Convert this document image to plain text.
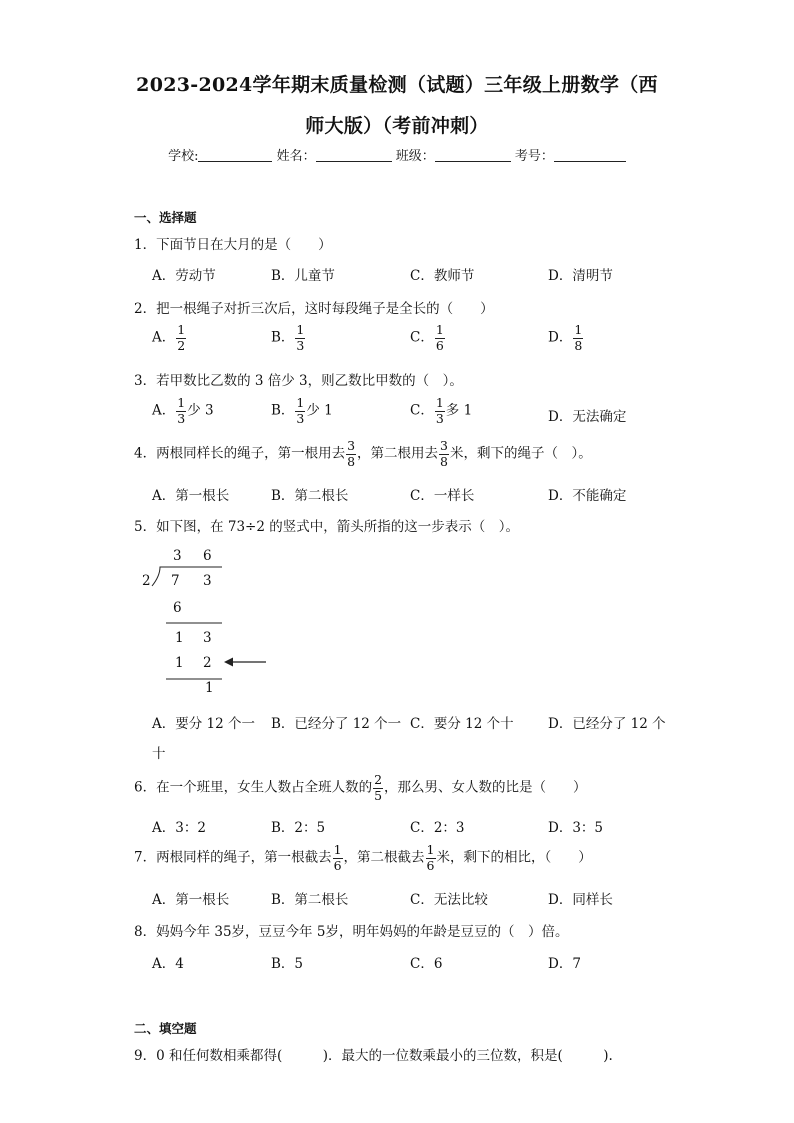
2023-2024学年期末质量检测（试题）三年级上册数学（西
师大版）（考前冲刺）
学校:	姓名：	班级：	考号：
一、选择题
1．下面节日在大月的是（　　）
A．劳动节	B．儿童节	C．教师节	D．清明节
2．把一根绳子对折三次后，这时每段绳子是全长的（　　）
A． $\frac{1}{2}$	B． $\frac{1}{3}$	C． $\frac{1}{6}$	D． $\frac{1}{8}$
3．若甲数比乙数的 3 倍少 3，则乙数比甲数的（　）。
A． $\frac{1}{3}$ 少 3	B． $\frac{1}{3}$ 少 1	C． $\frac{1}{3}$ 多 1	D．无法确定
4．两根同样长的绳子，第一根用去 $\frac{3}{8}$ ，第二根用去 $\frac{3}{8}$ 米，剩下的绳子（　）。
A．第一根长	B．第二根长	C．一样长	D．不能确定
5．如下图，在 73÷2 的竖式中，箭头所指的这一步表示（　）。
2
3 6
7 3
6
1 3
1 2
1
A．要分 12 个一 B．已经分了 12 个一 C．要分 12 个十	D．已经分了 12 个
十
6．在一个班里，女生人数占全班人数的 $\frac{2}{5}$ ，那么男、女人数的比是（　　）
A．3：2	B．2：5	C．2：3	D．3：5
7．两根同样的绳子，第一根截去 $\frac{1}{6}$ ，第二根截去 $\frac{1}{6}$ 米，剩下的相比，（　　）
A．第一根长	B．第二根长	C．无法比较	D．同样长
8．妈妈今年 35岁，豆豆今年 5岁，明年妈妈的年龄是豆豆的（　）倍。
A．4	B．5	C．6	D．7
二、填空题
9．0 和任何数相乘都得(　　　)．最大的一位数乘最小的三位数，积是(　　　).
